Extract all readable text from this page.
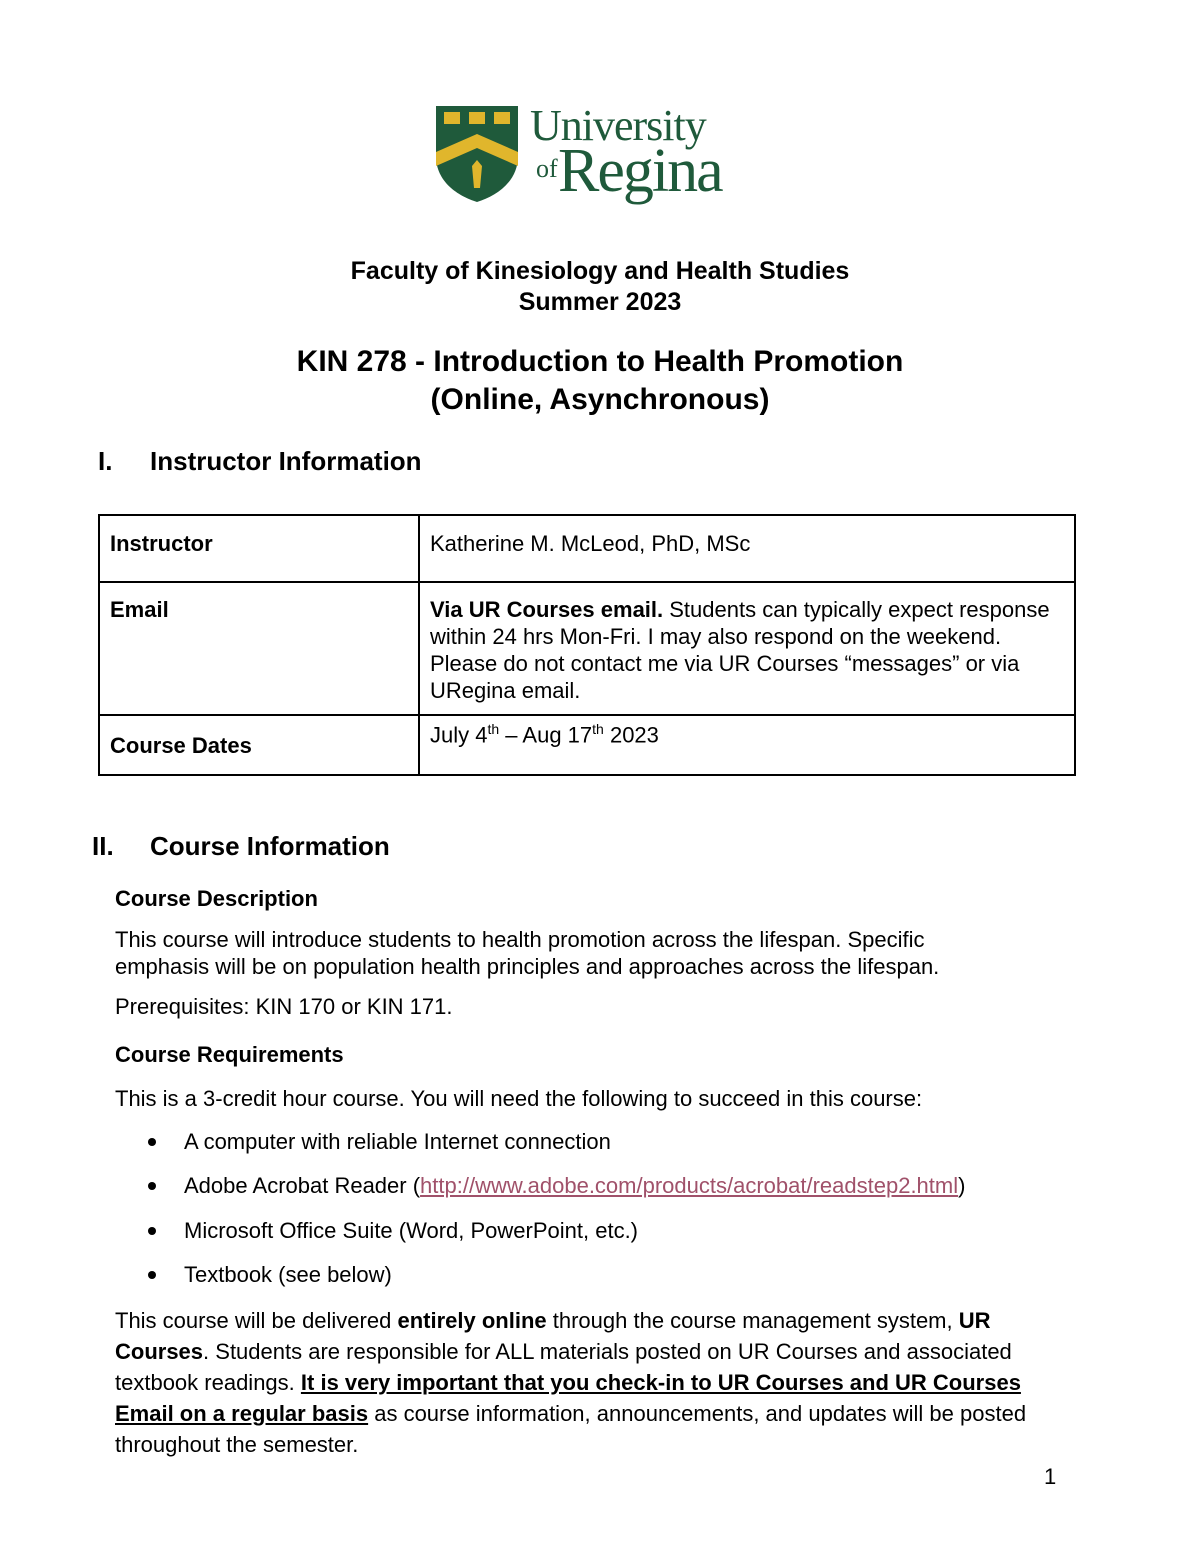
University
of Regina
Faculty of Kinesiology and Health Studies
Summer 2023
KIN 278 - Introduction to Health Promotion
(Online, Asynchronous)
I. Instructor Information
Instructor	Katherine M. McLeod, PhD, MSc
Email	Via UR Courses email. Students can typically expect response within 24 hrs Mon-Fri. I may also respond on the weekend. Please do not contact me via UR Courses “messages” or via URegina email.
Course Dates	July 4th – Aug 17th 2023
II. Course Information
Course Description
This course will introduce students to health promotion across the lifespan. Specific emphasis will be on population health principles and approaches across the lifespan.
Prerequisites: KIN 170 or KIN 171.
Course Requirements
This is a 3-credit hour course. You will need the following to succeed in this course:
A computer with reliable Internet connection
Adobe Acrobat Reader (http://www.adobe.com/products/acrobat/readstep2.html)
Microsoft Office Suite (Word, PowerPoint, etc.)
Textbook (see below)
This course will be delivered entirely online through the course management system, UR Courses. Students are responsible for ALL materials posted on UR Courses and associated textbook readings. It is very important that you check-in to UR Courses and UR Courses Email on a regular basis as course information, announcements, and updates will be posted throughout the semester.
1
